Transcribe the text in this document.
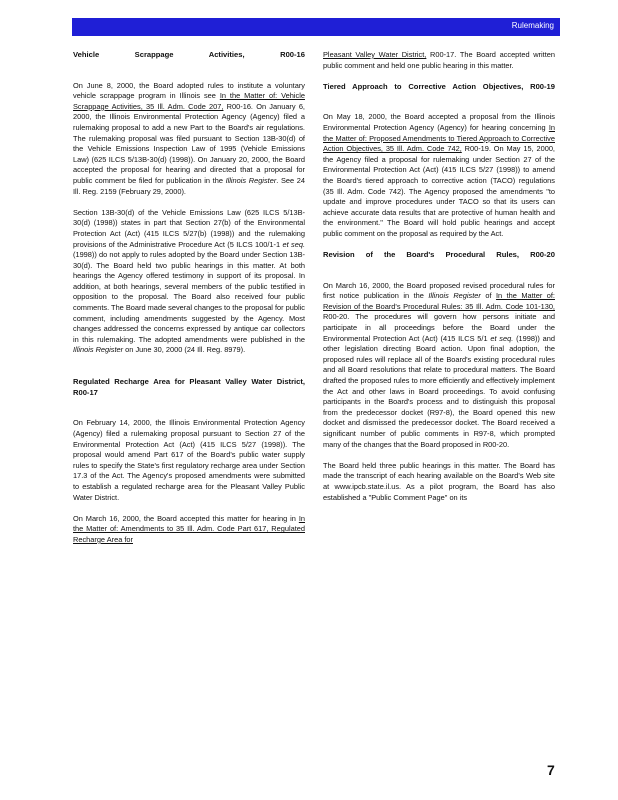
Rulemaking
Vehicle Scrappage Activities, R00-16

On June 8, 2000, the Board adopted rules to institute a voluntary vehicle scrappage program in Illinois see In the Matter of: Vehicle Scrappage Activities, 35 Ill. Adm. Code 207, R00-16. On January 6, 2000, the Illinois Environmental Protection Agency (Agency) filed a rulemaking proposal to add a new Part to the Board's air regulations. The rulemaking proposal was filed pursuant to Section 13B-30(d) of the Vehicle Emissions Inspection Law of 1995 (Vehicle Emissions Law) (625 ILCS 5/13B-30(d) (1998)). On January 20, 2000, the Board accepted the proposal for hearing and directed that a proposal for public comment be filed for publication in the Illinois Register. See 24 Ill. Reg. 2159 (February 29, 2000).

Section 13B-30(d) of the Vehicle Emissions Law (625 ILCS 5/13B-30(d) (1998)) states in part that Section 27(b) of the Environmental Protection Act (Act) (415 ILCS 5/27(b) (1998)) and the rulemaking provisions of the Administrative Procedure Act (5 ILCS 100/1-1 et seq. (1998)) do not apply to rules adopted by the Board under Section 13B-30(d). The Board held two public hearings in this matter. At both hearings the Agency offered testimony in support of its proposal. In addition, at both hearings, several members of the public testified in opposition to the proposal. The Board also received four public comments. The Board made several changes to the proposal for public comment, including amendments suggested by the Agency. Most changes addressed the concerns expressed by antique car collectors in this rulemaking. The adopted amendments were published in the Illinois Register on June 30, 2000 (24 Ill. Reg. 8979).

Regulated Recharge Area for Pleasant Valley Water District, R00-17

On February 14, 2000, the Illinois Environmental Protection Agency (Agency) filed a rulemaking proposal pursuant to Section 27 of the Environmental Protection Act (Act) (415 ILCS 5/27 (1998)). The proposal would amend Part 617 of the Board's public water supply rules to specify the State's first regulatory recharge area under Section 17.3 of the Act. The Agency's proposed amendments were submitted to establish a regulated recharge area for the Pleasant Valley Public Water District.

On March 16, 2000, the Board accepted this matter for hearing in In the Matter of: Amendments to 35 Ill. Adm. Code Part 617, Regulated Recharge Area for

Pleasant Valley Water District, R00-17. The Board accepted written public comment and held one public hearing in this matter.

Tiered Approach to Corrective Action Objectives, R00-19

On May 18, 2000, the Board accepted a proposal from the Illinois Environmental Protection Agency (Agency) for hearing concerning In the Matter of: Proposed Amendments to Tiered Approach to Corrective Action Objectives, 35 Ill. Adm. Code 742, R00-19. On May 15, 2000, the Agency filed a proposal for rulemaking under Section 27 of the Environmental Protection Act (Act) (415 ILCS 5/27 (1998)) to amend the Board's tiered approach to corrective action (TACO) regulations (35 Ill. Adm. Code 742). The Agency proposed the amendments "to update and improve procedures under TACO so that its users can achieve accurate data results that are protective of human health and the environment." The Board will hold public hearings and accept public comment on the proposal as required by the Act.

Revision of the Board's Procedural Rules, R00-20

On March 16, 2000, the Board proposed revised procedural rules for first notice publication in the Illinois Register of In the Matter of: Revision of the Board's Procedural Rules: 35 Ill. Adm. Code 101-130, R00-20. The procedures will govern how persons initiate and participate in all proceedings before the Board under the Environmental Protection Act (Act) (415 ILCS 5/1 et seq. (1998)) and other legislation directing Board action. Upon final adoption, the proposed rules will replace all of the Board's existing procedural rules and all Board resolutions that relate to procedural matters. The Board drafted the proposed rules to more efficiently and effectively implement the Act and other laws in Board proceedings. To avoid confusing participants in the Board's process and to distinguish this proposal from the predecessor docket (R97-8), the Board opened this new docket and dismissed the predecessor docket. The Board received a significant number of public comments in R97-8, which prompted many of the changes that the Board proposed in R00-20.

The Board held three public hearings in this matter. The Board has made the transcript of each hearing available on the Board's Web site at www.ipcb.state.il.us. As a pilot program, the Board has also established a "Public Comment Page" on its

7
